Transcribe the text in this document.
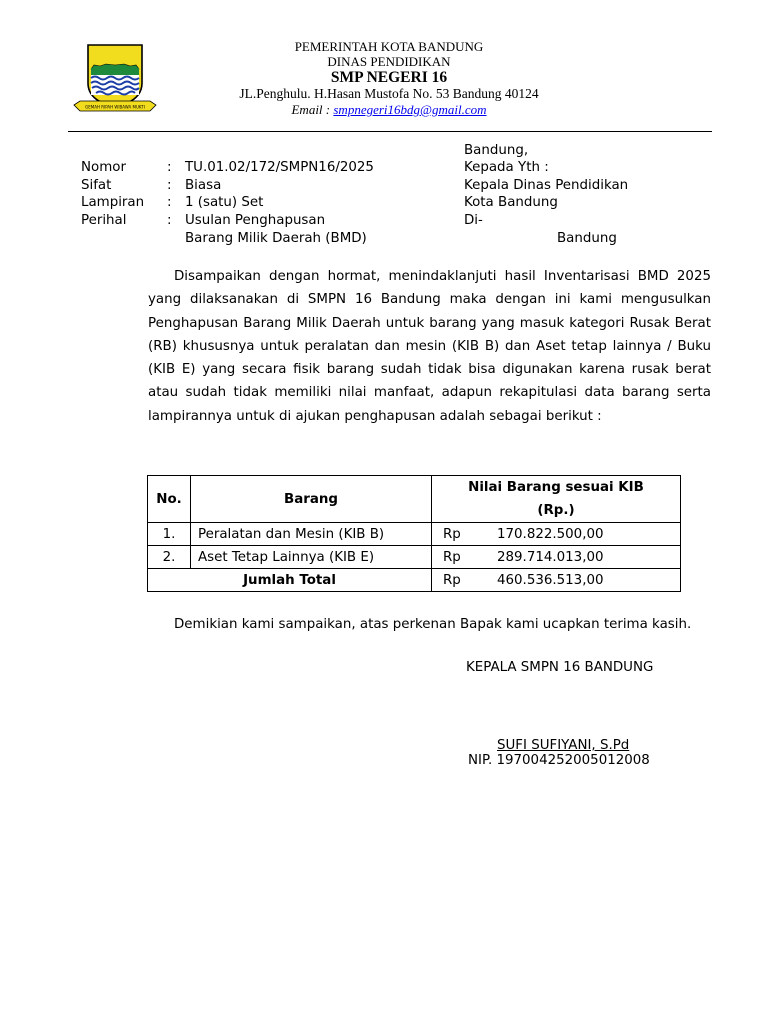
GEMAH RIPAH WIBAWA MUKTI
PEMERINTAH KOTA BANDUNG
DINAS PENDIDIKAN
SMP NEGERI 16
JL.Penghulu. H.Hasan Mustofa No. 53 Bandung 40124
Email : smpnegeri16bdg@gmail.com
Bandung,
Kepada Yth :
Kepala Dinas Pendidikan
Kota Bandung
Di-
Bandung
Nomor	: TU.01.02/172/SMPN16/2025
Sifat	: Biasa
Lampiran : 1 (satu) Set
Perihal	: Usulan Penghapusan
Barang Milik Daerah (BMD)
Disampaikan dengan hormat, menindaklanjuti hasil Inventarisasi BMD 2025 yang dilaksanakan di SMPN 16 Bandung maka dengan ini kami mengusulkan Penghapusan Barang Milik Daerah untuk barang yang masuk kategori Rusak Berat (RB) khususnya untuk peralatan dan mesin (KIB B) dan Aset tetap lainnya / Buku (KIB E) yang secara fisik barang sudah tidak bisa digunakan karena rusak berat atau sudah tidak memiliki nilai manfaat, adapun rekapitulasi data barang serta lampirannya untuk di ajukan penghapusan adalah sebagai berikut :
No.	Barang	Nilai Barang sesuai KIB
(Rp.)

1.	Peralatan dan Mesin (KIB B)	Rp 170.822.500,00
2.	Aset Tetap Lainnya (KIB E)	Rp 289.714.013,00
Jumlah Total		Rp 460.536.513,00
Demikian kami sampaikan, atas perkenan Bapak kami ucapkan terima kasih.
KEPALA SMPN 16 BANDUNG
SUFI SUFIYANI, S.Pd
NIP. 197004252005012008
